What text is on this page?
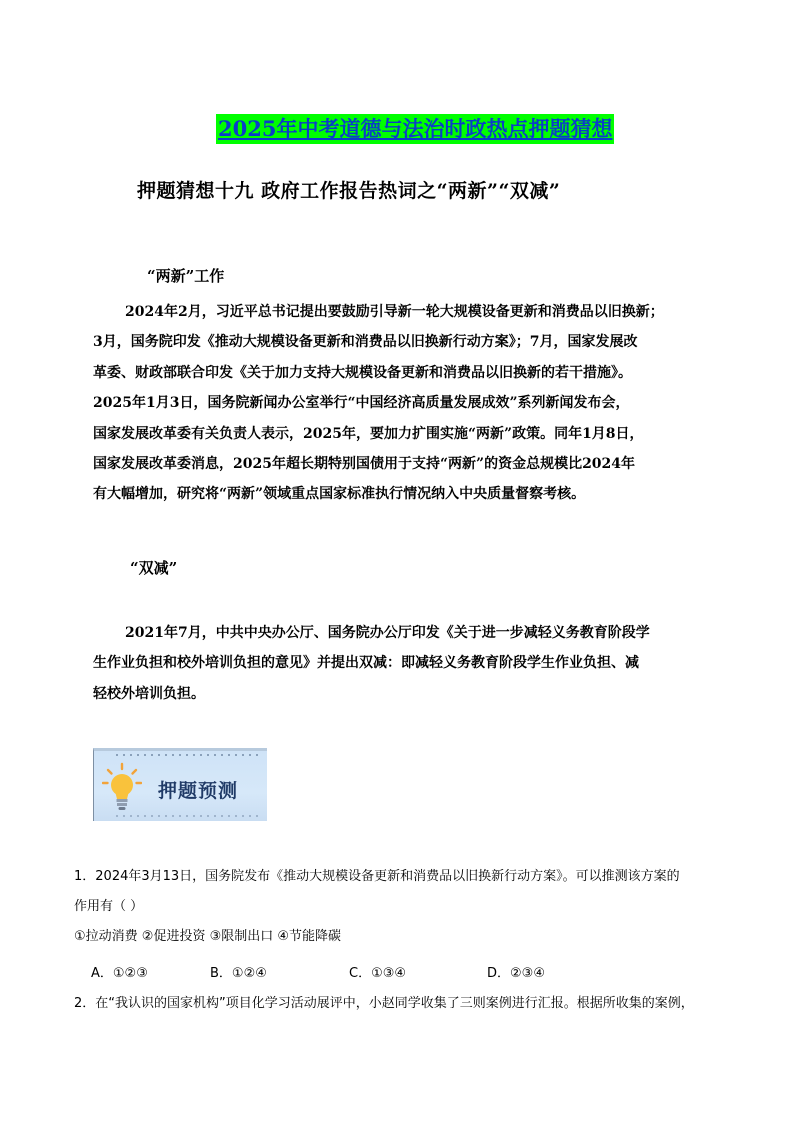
2025年中考道德与法治时政热点押题猜想
押题猜想十九 政府工作报告热词之“两新”“双减”
“两新”工作
2024年2月，习近平总书记提出要鼓励引导新一轮大规模设备更新和消费品以旧换新；
3月，国务院印发《推动大规模设备更新和消费品以旧换新行动方案》；7月，国家发展改
革委、财政部联合印发《关于加力支持大规模设备更新和消费品以旧换新的若干措施》。
2025年1月3日，国务院新闻办公室举行“中国经济高质量发展成效”系列新闻发布会，
国家发展改革委有关负责人表示，2025年，要加力扩围实施“两新”政策。同年1月8日，
国家发展改革委消息，2025年超长期特别国债用于支持“两新”的资金总规模比2024年
有大幅增加，研究将“两新”领域重点国家标准执行情况纳入中央质量督察考核。
“双减”
2021年7月，中共中央办公厅、国务院办公厅印发《关于进一步减轻义务教育阶段学
生作业负担和校外培训负担的意见》并提出双减：即减轻义务教育阶段学生作业负担、减
轻校外培训负担。
押题预测
1．2024年3月13日，国务院发布《推动大规模设备更新和消费品以旧换新行动方案》。可以推测该方案的
作用有（ ）
①拉动消费 ②促进投资 ③限制出口 ④节能降碳
A．①②③	B．①②④	C．①③④	D．②③④
2．在“我认识的国家机构”项目化学习活动展评中，小赵同学收集了三则案例进行汇报。根据所收集的案例，
